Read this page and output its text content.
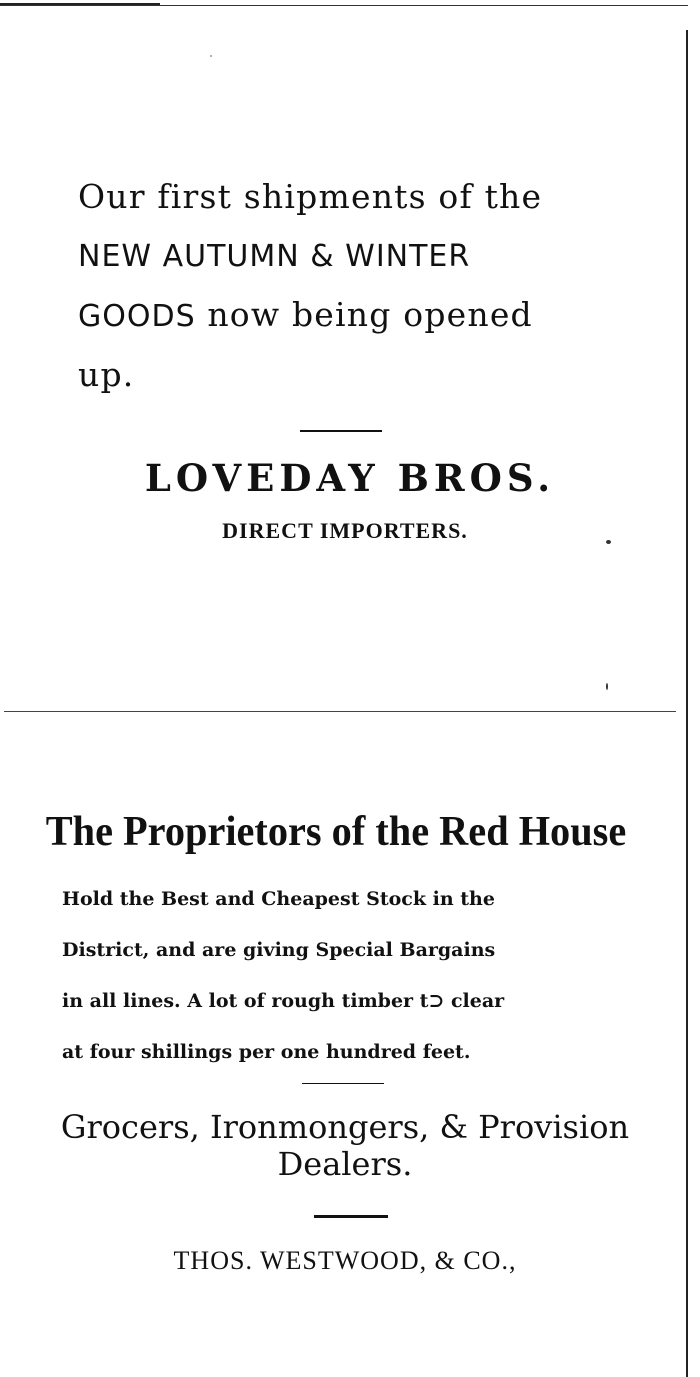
Our first shipments of the
NEW AUTUMN & WINTER
GOODS now being opened
up.

LOVEDAY BROS.

DIRECT IMPORTERS.

The Proprietors of the Red House

Hold the Best and Cheapest Stock in the
District, and are giving Special Bargains
in all lines. A lot of rough timber t⊃ clear
at four shillings per one hundred feet.

Grocers, Ironmongers, & Provision
Dealers.

THOS. WESTWOOD, & CO.,
